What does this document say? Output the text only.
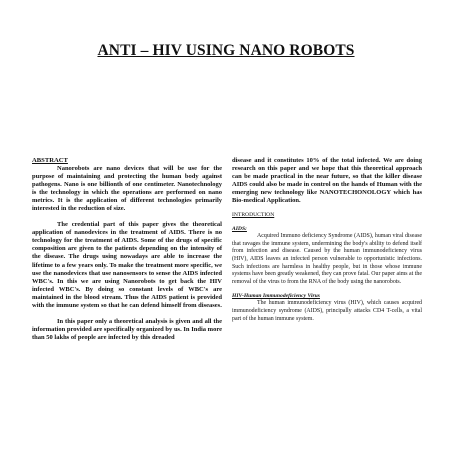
ANTI – HIV USING NANO ROBOTS
ABSTRACT

Nanorobots are nano devices that will be use for the purpose of maintaining and protecting the human body against pathogens. Nano is one billionth of one centimeter. Nanotechnology is the technology in which the operations are performed on nano metrics. It is the application of different technologies primarily interested in the reduction of size.

The credential part of this paper gives the theoretical application of nanodevices in the treatment of AIDS. There is no technology for the treatment of AIDS. Some of the drugs of specific composition are given to the patients depending on the intensity of the disease. The drugs using nowadays are able to increase the lifetime to a few years only. To make the treatment more specific, we use the nanodevices that use nanosensors to sense the AIDS infected WBC's. In this we are using Nanorobots to get back the HIV infected WBC's. By doing so constant levels of WBC's are maintained in the blood stream. Thus the AIDS patient is provided with the immune system so that he can defend himself from diseases.

In this paper only a theoretical analysis is given and all the information provided are specifically organized by us. In India more than 50 lakhs of people are infected by this dreaded

disease and it constitutes 10% of the total infected. We are doing research on this paper and we hope that this theoretical approach can be made practical in the near future, so that the killer disease AIDS could also be made in control on the hands of Human with the emerging new technology like NANOTECHONOLOGY which has Bio-medical Application.

INTRODUCTION
AIDS:

Acquired Immuno deficiency Syndrome (AIDS), human viral disease that ravages the immune system, undermining the body's ability to defend itself from infection and disease. Caused by the human immunodeficiency virus (HIV), AIDS leaves an infected person vulnerable to opportunistic infections. Such infections are harmless in healthy people, but in those whose immune systems have been greatly weakened, they can prove fatal. Our paper aims at the removal of the virus to from the RNA of the body using the nanorobots.

HIV-Human Immunodeficiency Virus

The human immunodeficiency virus (HIV), which causes acquired immunodeficiency syndrome (AIDS), principally attacks CD4 T-cells, a vital part of the human immune system.
